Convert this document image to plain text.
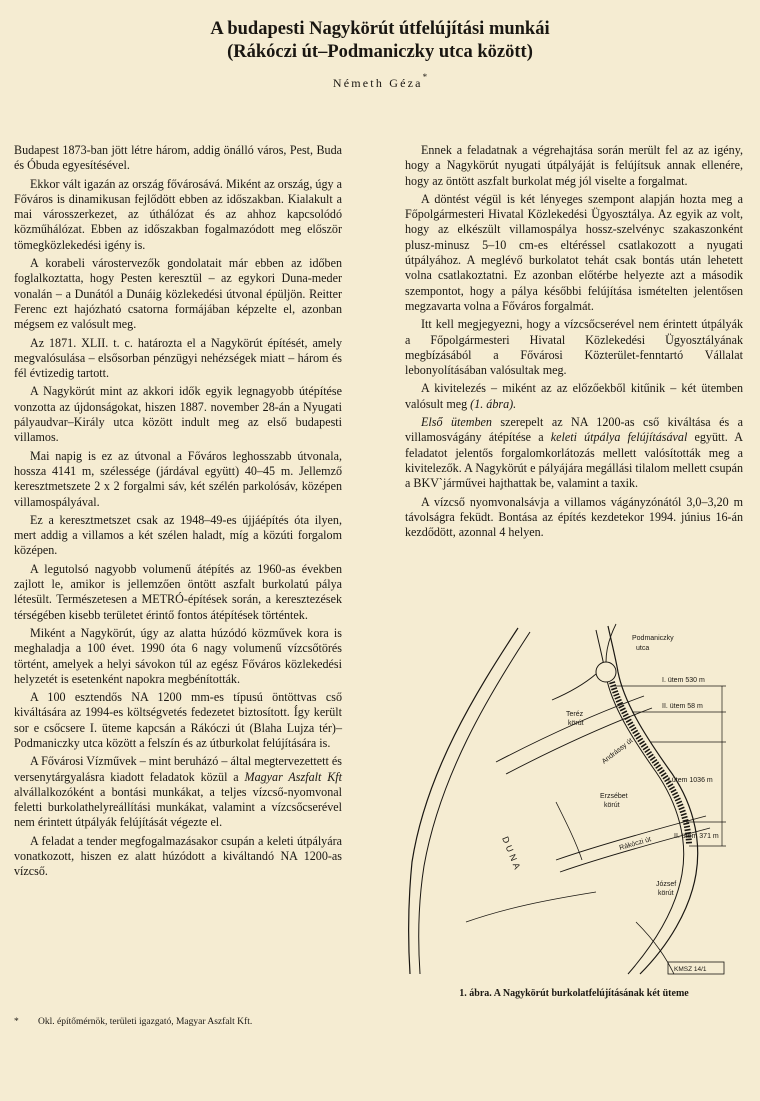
A budapesti Nagykörút útfelújítási munkái
(Rákóczi út–Podmaniczky utca között)
Németh Géza*

Budapest 1873-ban jött létre három, addig önálló város, Pest, Buda és Óbuda egyesítésével.

Ekkor vált igazán az ország fővárosává. Miként az ország, úgy a Főváros is dinamikusan fejlődött ebben az időszakban. Kialakult a mai városszerkezet, az úthálózat és az ahhoz kapcsolódó közműhálózat. Ebben az időszakban fogalmazódott meg először tömegközlekedési igény is.

A korabeli várostervezők gondolatait már ebben az időben foglalkoztatta, hogy Pesten keresztül – az egykori Duna-meder vonalán – a Dunától a Dunáig közlekedési útvonal épüljön. Reitter Ferenc ezt hajózható csatorna formájában képzelte el, azonban mégsem ez valósult meg.

Az 1871. XLII. t. c. határozta el a Nagykörút építését, amely megvalósulása – elsősorban pénzügyi nehézségek miatt – három és fél évtizedig tartott.

A Nagykörút mint az akkori idők egyik legnagyobb útépítése vonzotta az újdonságokat, hiszen 1887. november 28-án a Nyugati pályaudvar–Király utca között indult meg az első budapesti villamos.

Mai napig is ez az útvonal a Főváros leghosszabb útvonala, hossza 4141 m, szélessége (járdával együtt) 40–45 m. Jellemző keresztmetszete 2 x 2 forgalmi sáv, két szélén parkolósáv, középen villamospályával.

Ez a keresztmetszet csak az 1948–49-es újjáépítés óta ilyen, mert addig a villamos a két szélen haladt, míg a közúti forgalom középen.

A legutolsó nagyobb volumenű átépítés az 1960-as években zajlott le, amikor is jellemzően öntött aszfalt burkolatú pálya létesült. Természetesen a METRÓ-építések során, a keresztezések térségében kisebb területet érintő fontos átépítések történtek.

Miként a Nagykörút, úgy az alatta húzódó közművek kora is meghaladja a 100 évet. 1990 óta 6 nagy volumenű vízcsőtörés történt, amelyek a helyi sávokon túl az egész Főváros közlekedési helyzetét is esetenként napokra megbénították.

A 100 esztendős NA 1200 mm-es típusú öntöttvas cső kiváltására az 1994-es költségvetés fedezetet biztosított. Így került sor e csőcsere I. üteme kapcsán a Rákóczi út (Blaha Lujza tér)–Podmaniczky utca között a felszín és az útburkolat felújítására is.

A Fővárosi Vízművek – mint beruházó – által megtervezettett és versenytárgyalásra kiadott feladatok közül a Magyar Aszfalt Kft alvállalkozóként a bontási munkákat, a teljes vízcső-nyomvonal feletti burkolathelyreállítási munkákat, valamint a vízcsőcserével nem érintett útpályák felújítását végezte el.

A feladat a tender megfogalmazásakor csupán a keleti útpályára vonatkozott, hiszen ez alatt húzódott a kiváltandó NA 1200-as vízcső.

Ennek a feladatnak a végrehajtása során merült fel az az igény, hogy a Nagykörút nyugati útpályáját is felújítsuk annak ellenére, hogy az öntött aszfalt burkolat még jól viselte a forgalmat.

A döntést végül is két lényeges szempont alapján hozta meg a Főpolgármesteri Hivatal Közlekedési Ügyosztálya. Az egyik az volt, hogy az elkészült villamospálya hossz-szelvényc szakaszonként plusz-minusz 5–10 cm-es eltéréssel csatlakozott a nyugati útpályához. A meglévő burkolatot tehát csak bontás után lehetett volna csatlakoztatni. Ez azonban előtérbe helyezte azt a második szempontot, hogy a pálya későbbi felújítása ismételten jelentősen megzavarta volna a Főváros forgalmát.

Itt kell megjegyezni, hogy a vízcsőcserével nem érintett útpályák a Főpolgármesteri Hivatal Közlekedési Ügyosztályának megbízásából a Fővárosi Közterület-fenntartó Vállalat lebonyolításában valósultak meg.

A kivitelezés – miként az az előzőekből kitűnik – két ütemben valósult meg (1. ábra).

Első ütemben szerepelt az NA 1200-as cső kiváltása és a villamosvágány átépítése a keleti útpálya felújításával együtt. A feladatot jelentős forgalomkorlátozás mellett valósították meg a kivitelezők. A Nagykörút e pályájára megállási tilalom mellett csupán a BKV`járművei hajthattak be, valamint a taxik.

A vízcső nyomvonalsávja a villamos vágányzónától 3,0–3,20 m távolságra feküdt. Bontása az építés kezdetekor 1994. június 16-án kezdődött, azonnal 4 helyen.

Podmaniczky
utca
Teréz
körút
Andrássy út
Erzsébet
körút
Rákóczi út
József
körút
DUNA
I. ütem 530 m
II. ütem 58 m
I.ütem 1036 m
II. ütem 371 m
KMSZ 14/1
1. ábra. A Nagykörút burkolatfelújításának két üteme
* Okl. építőmérnök, területi igazgató, Magyar Aszfalt Kft.
